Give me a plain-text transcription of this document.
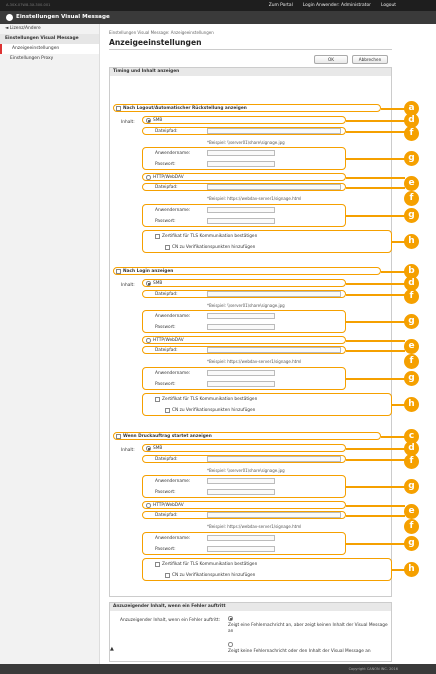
A-30X-07W8-3X-300-001	Zum Portal Login Anwender: Administrator Logout
Einstellungen Visual Message
◄ Lizenz/Andere
Einstellungen Visual Message
Anzeigeeinstellungen
Einstellungen Proxy
Einstellungen Visual Message: Anzeigeeinstellungen
Anzeigeeinstellungen
OK	Abbrechen
Timing und Inhalt anzeigen
a
Nach Logout/Automatischer Rückstellung anzeigen
Inhalt:	d
SMB
f
Dateipfad:
*Beispiel: \\server01\share\signage.jpg
g
Anwendername:
Passwort:
e
HTTP/WebDAV
f
Dateipfad:
*Beispiel: https://webdav-server1/signage.html
g
Anwendername:
Passwort:
h
Zertifikat für TLS Kommunikation bestätigen
CN zu Verifikationspunkten hinzufügen
b
Nach Login anzeigen
Inhalt:	d
SMB
f
Dateipfad:
*Beispiel: \\server01\share\signage.jpg
g
Anwendername:
Passwort:
e
HTTP/WebDAV
f
Dateipfad:
*Beispiel: https://webdav-server1/signage.html
g
Anwendername:
Passwort:
h
Zertifikat für TLS Kommunikation bestätigen
CN zu Verifikationspunkten hinzufügen
c
Wenn Druckauftrag startet anzeigen
Inhalt:	d
SMB
f
Dateipfad:
*Beispiel: \\server01\share\signage.jpg
g
Anwendername:
Passwort:
e
HTTP/WebDAV
f
Dateipfad:
*Beispiel: https://webdav-server1/signage.html
g
Anwendername:
Passwort:
h
Zertifikat für TLS Kommunikation bestätigen
CN zu Verifikationspunkten hinzufügen
Anzuzeigender Inhalt, wenn ein Fehler auftritt
Anzuzeigender Inhalt, wenn ein Fehler auftritt:
Zeigt eine Fehlernachricht an, aber zeigt keinen Inhalt der Visual Message an
Zeigt keine Fehlernachricht oder den Inhalt der Visual Message an
▲
Copyright CANON INC. 2016
